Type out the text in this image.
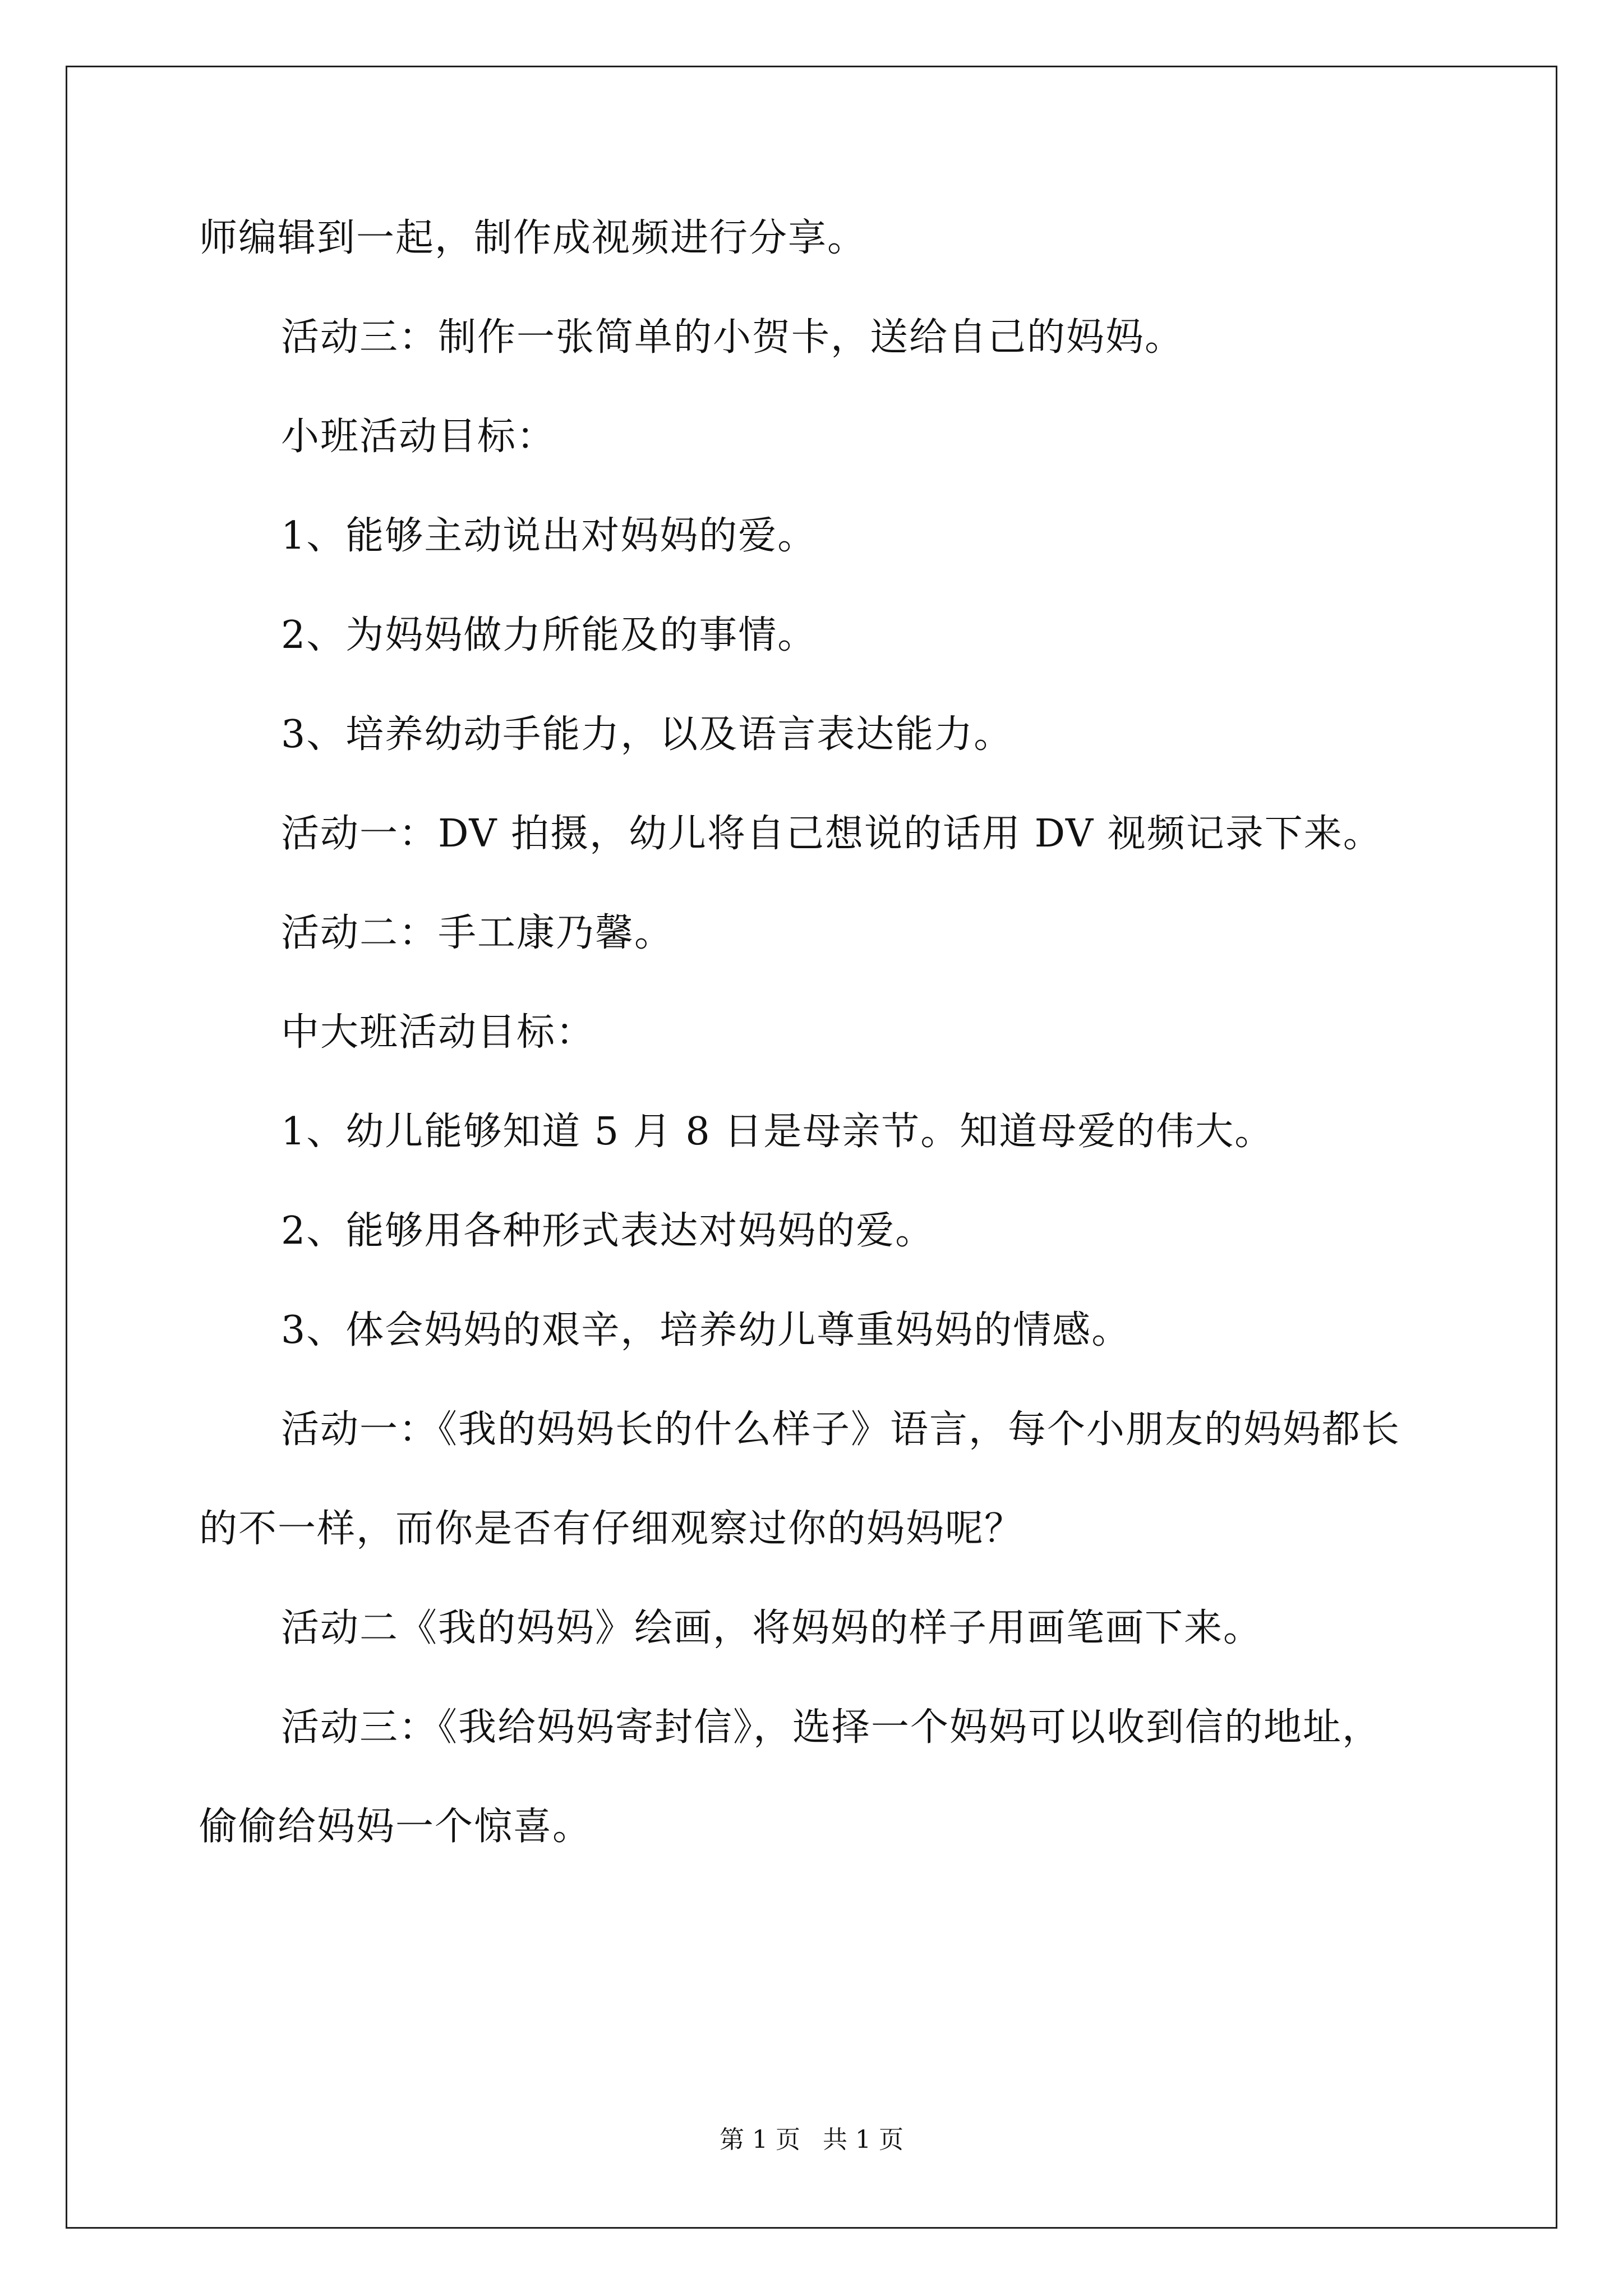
师编辑到一起，制作成视频进行分享。
活动三：制作一张简单的小贺卡，送给自己的妈妈。
小班活动目标：
1、能够主动说出对妈妈的爱。
2、为妈妈做力所能及的事情。
3、培养幼动手能力，以及语言表达能力。
活动一：DV 拍摄，幼儿将自己想说的话用 DV 视频记录下来。
活动二：手工康乃馨。
中大班活动目标：
1、幼儿能够知道 5 月 8 日是母亲节。知道母爱的伟大。
2、能够用各种形式表达对妈妈的爱。
3、体会妈妈的艰辛，培养幼儿尊重妈妈的情感。
活动一：《我的妈妈长的什么样子》语言，每个小朋友的妈妈都长
的不一样，而你是否有仔细观察过你的妈妈呢？
活动二《我的妈妈》绘画，将妈妈的样子用画笔画下来。
活动三：《我给妈妈寄封信》，选择一个妈妈可以收到信的地址，
偷偷给妈妈一个惊喜。
第 1 页 共 1 页
